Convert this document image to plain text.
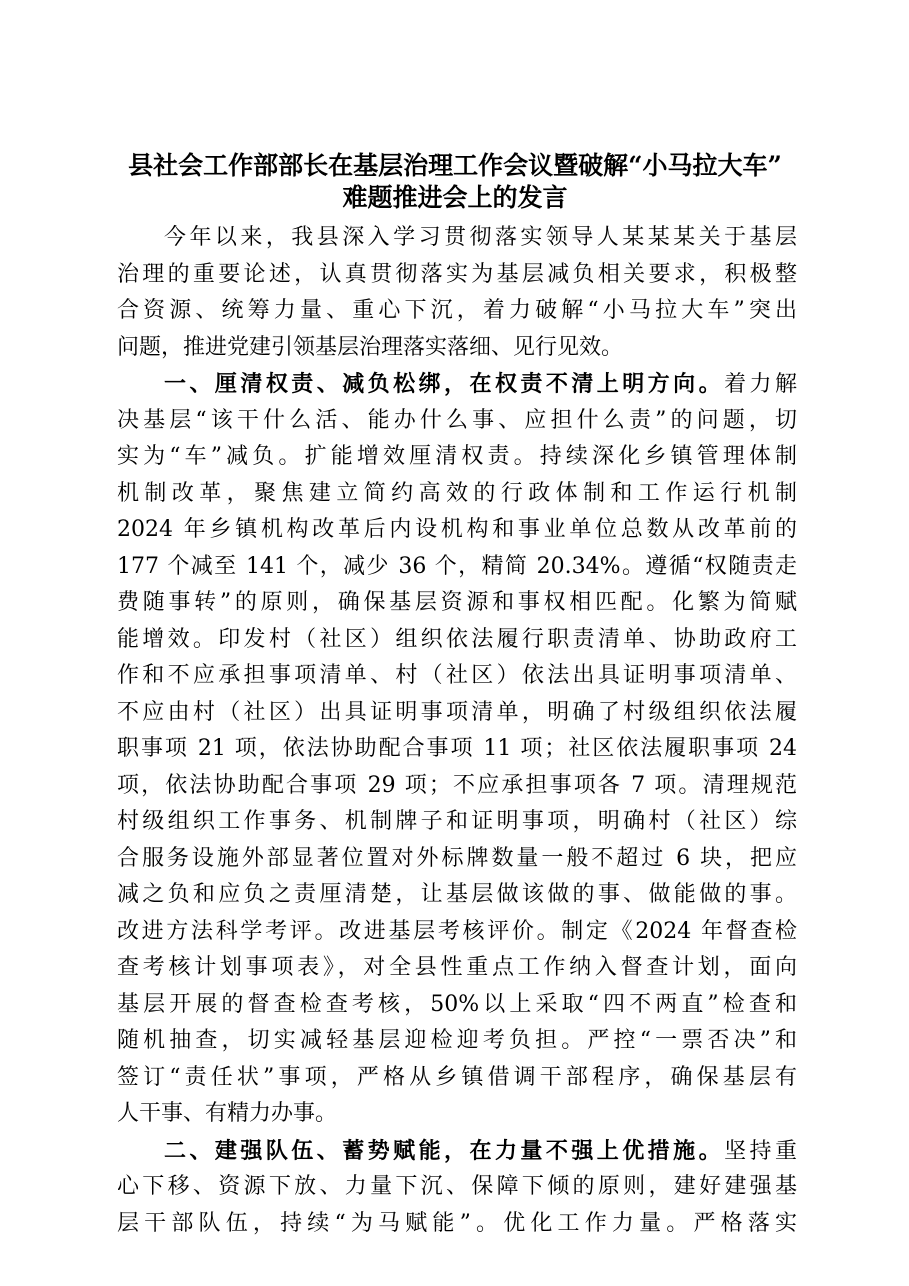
县社会工作部部长在基层治理工作会议暨破解“小马拉大车”
难题推进会上的发言
今年以来，我县深入学习贯彻落实领导人某某某关于基层
治理的重要论述，认真贯彻落实为基层减负相关要求，积极整
合资源、统筹力量、重心下沉，着力破解“小马拉大车”突出
问题，推进党建引领基层治理落实落细、见行见效。
一、厘清权责、减负松绑，在权责不清上明方向。着力解
决基层“该干什么活、能办什么事、应担什么责”的问题，切
实为“车”减负。扩能增效厘清权责。持续深化乡镇管理体制
机制改革，聚焦建立简约高效的行政体制和工作运行机制
2024 年乡镇机构改革后内设机构和事业单位总数从改革前的
177 个减至 141 个，减少 36 个，精简 20.34%。遵循“权随责走
费随事转”的原则，确保基层资源和事权相匹配。化繁为简赋
能增效。印发村（社区）组织依法履行职责清单、协助政府工
作和不应承担事项清单、村（社区）依法出具证明事项清单、
不应由村（社区）出具证明事项清单，明确了村级组织依法履
职事项 21 项，依法协助配合事项 11 项；社区依法履职事项 24
项，依法协助配合事项 29 项；不应承担事项各 7 项。清理规范
村级组织工作事务、机制牌子和证明事项，明确村（社区）综
合服务设施外部显著位置对外标牌数量一般不超过 6 块，把应
减之负和应负之责厘清楚，让基层做该做的事、做能做的事。
改进方法科学考评。改进基层考核评价。制定《2024 年督查检
查考核计划事项表》，对全县性重点工作纳入督查计划，面向
基层开展的督查检查考核，50%以上采取“四不两直”检查和
随机抽查，切实减轻基层迎检迎考负担。严控“一票否决”和
签订“责任状”事项，严格从乡镇借调干部程序，确保基层有
人干事、有精力办事。
二、建强队伍、蓄势赋能，在力量不强上优措施。坚持重
心下移、资源下放、力量下沉、保障下倾的原则，建好建强基
层干部队伍，持续“为马赋能”。优化工作力量。严格落实
